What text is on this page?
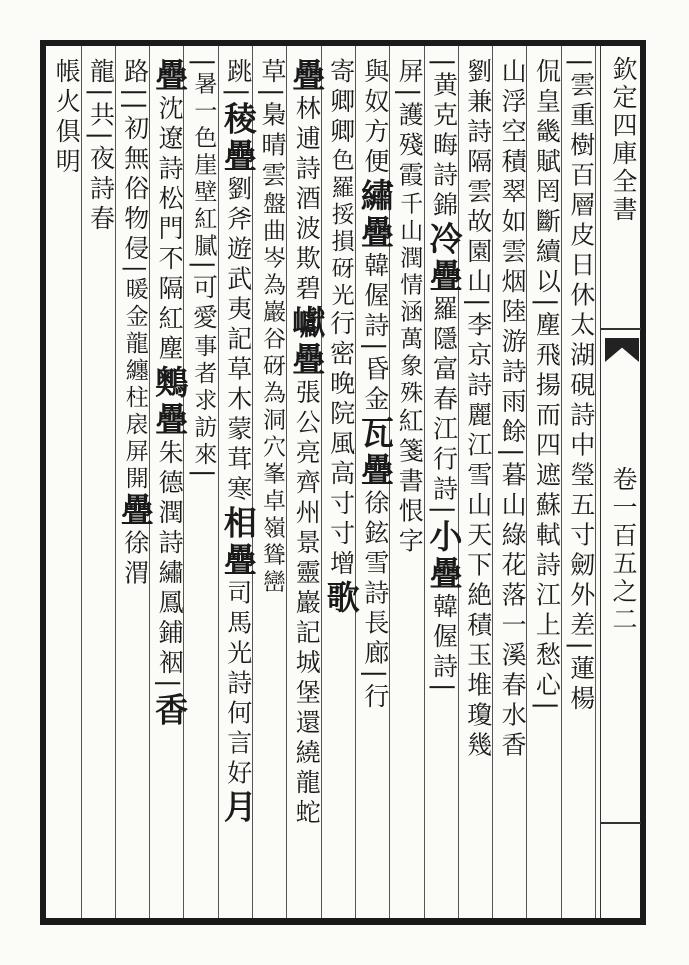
欽定四庫全書
卷一百五之二
|雲重樹百層皮日休太湖硯詩中瑩五寸劒外差|蓮楊
侃皇畿賦罔斷續以|塵飛揚而四遮蘇軾詩江上愁心|
山浮空積翠如雲烟陸游詩雨餘|暮山綠花落一溪春水香
劉兼詩隔雲故園山|李京詩麗江雪山天下絶積玉堆瓊幾
|黄克晦詩錦冷疊羅隱富春江行詩|小疊韓偓詩|
屏|護殘霞千山潤情涵萬象殊紅箋書恨字
與奴方便繡疊韓偓詩|昏金瓦疊徐鉉雪詩長廊|行
寄卿卿色羅挼損砑光行密晚院風高寸寸增歌
疊林逋詩酒波欺碧巘疊張公亮齊州景靈巖記城堡還繞龍蛇
草|梟晴雲盤曲岑為巖谷砑為洞穴峯卓嶺聳巒
跳|稜疊劉斧遊武夷記草木蒙茸寒相疊司馬光詩何言好月
|暑一色崖壁紅膩|可愛事者求訪來|
疊沈遼詩松門不隔紅塵䴈疊朱德潤詩繡鳳鋪裀|香
路||初無俗物侵|暖金龍纏柱扆屏開疊徐渭
龍|共|夜詩春
帳火俱明
